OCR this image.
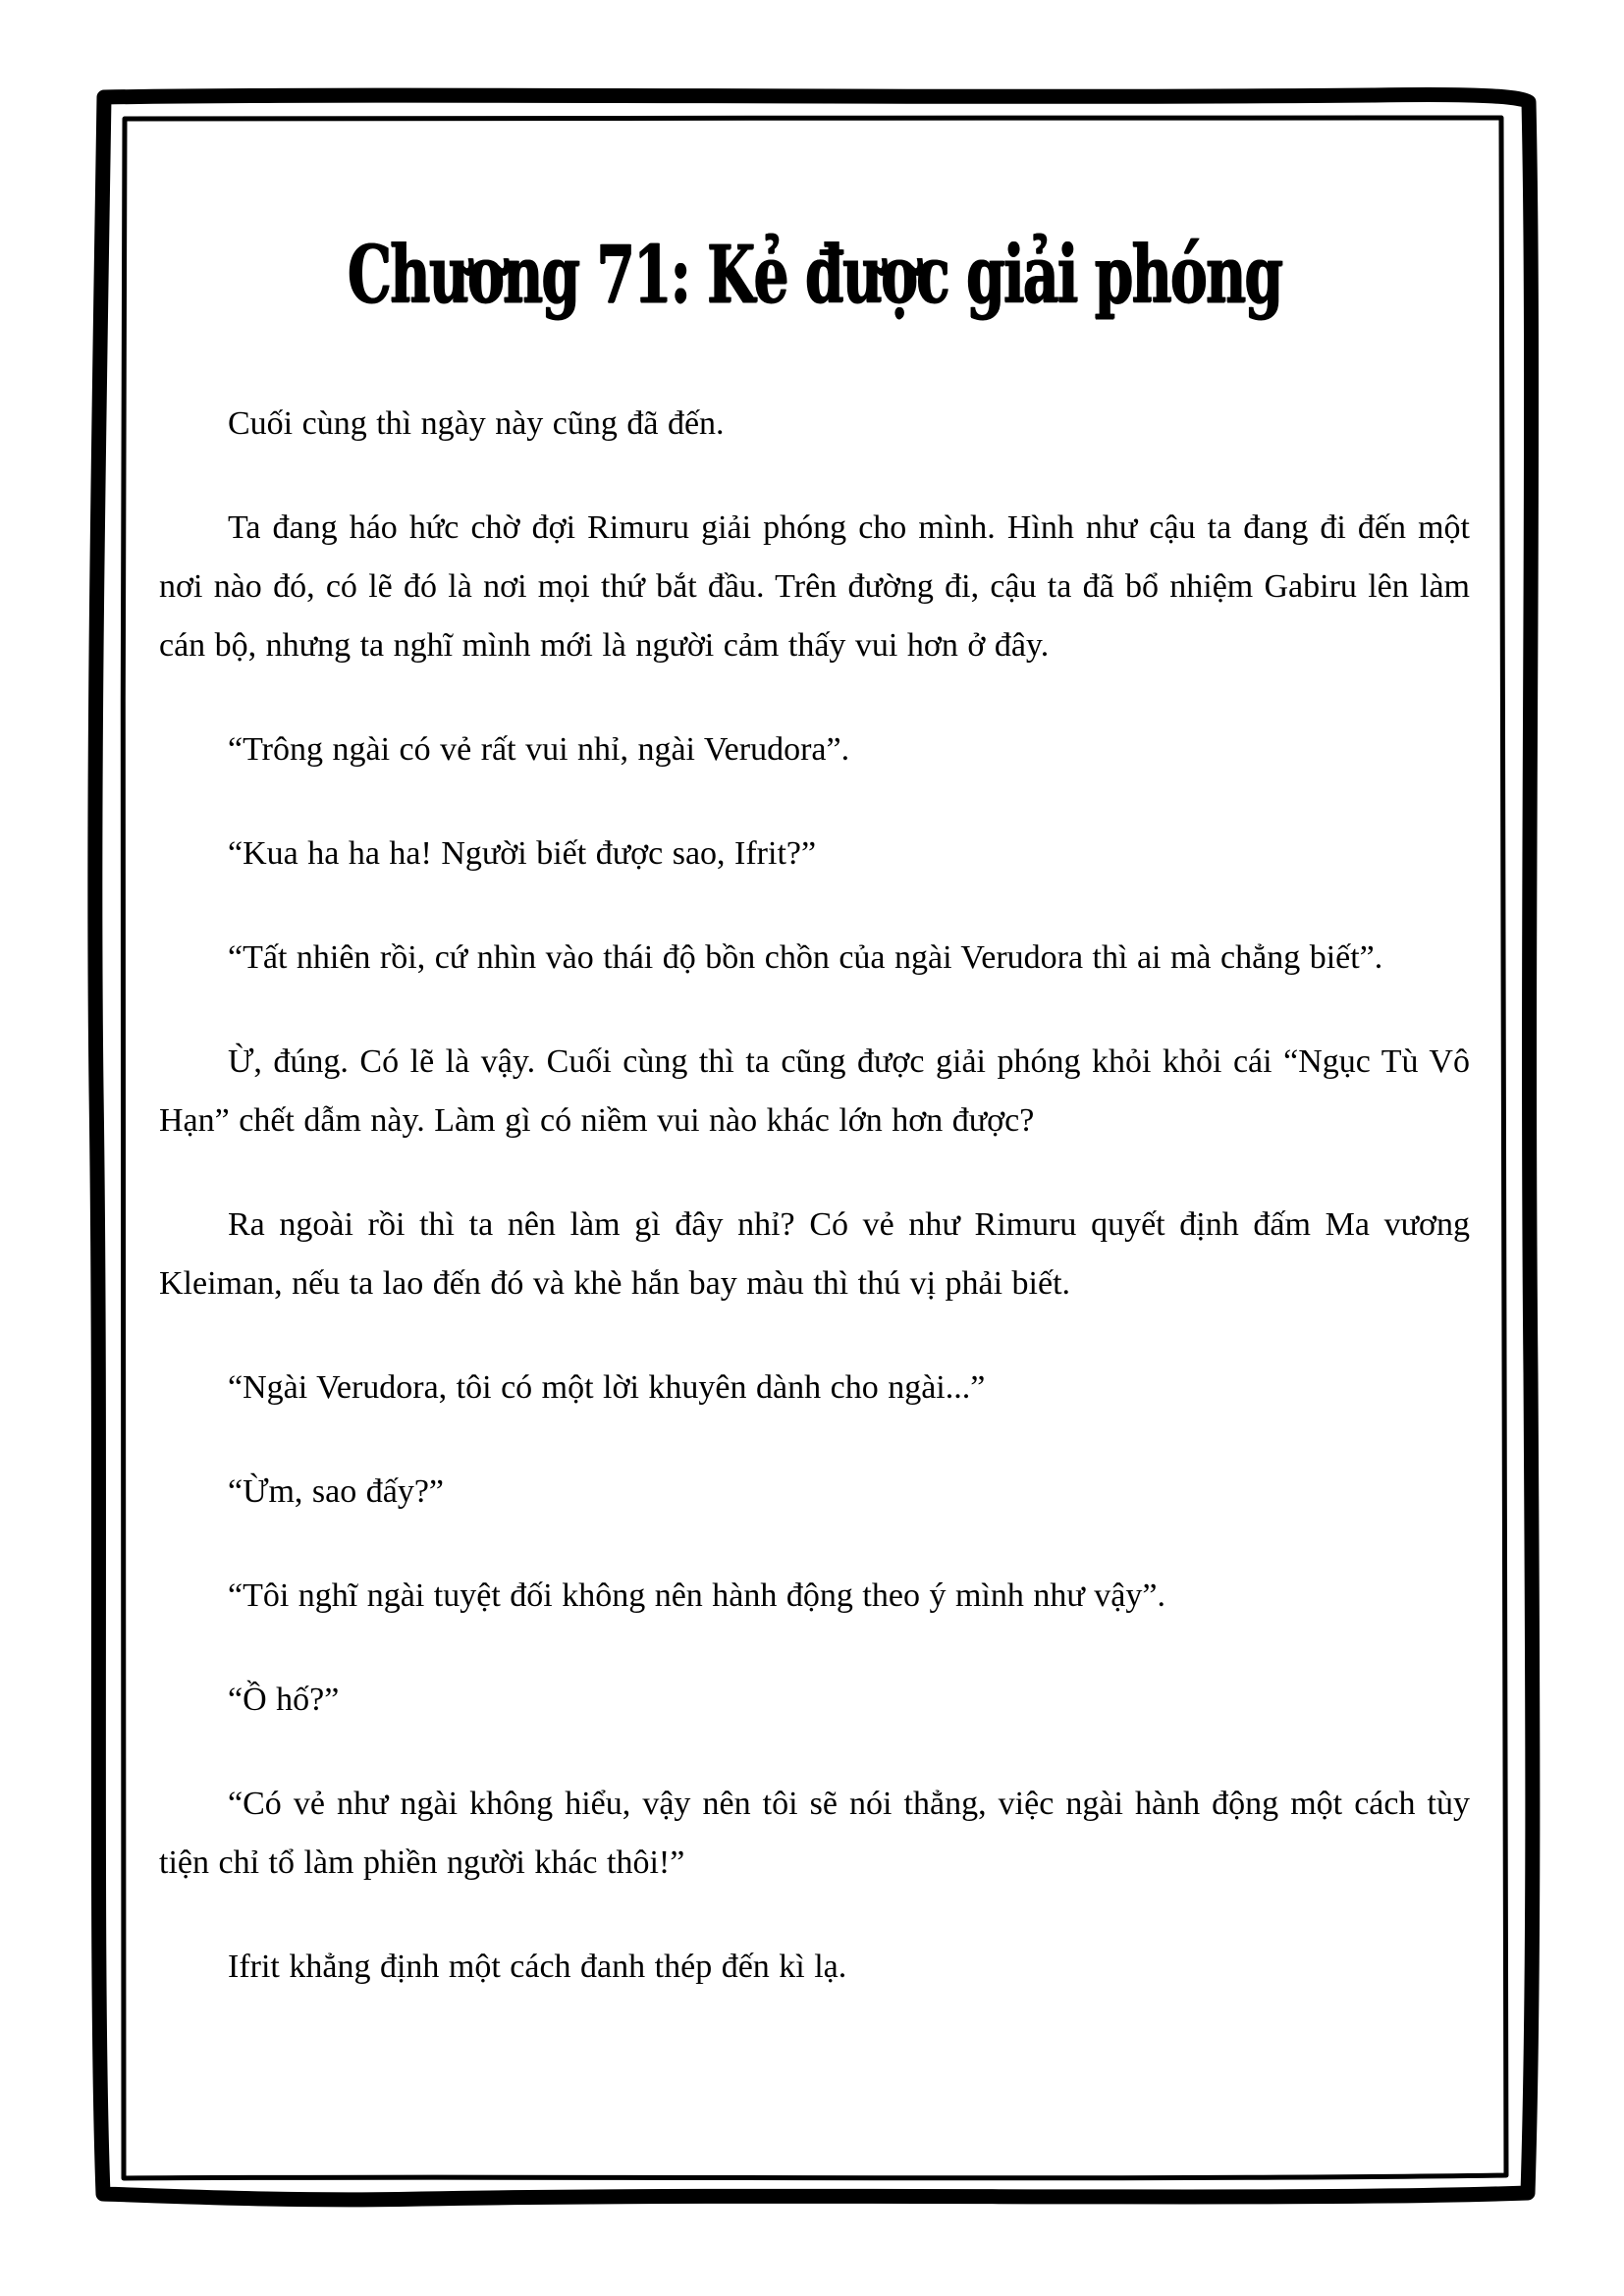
Chương 71: Kẻ được giải phóng

Cuối cùng thì ngày này cũng đã đến.

Ta đang háo hức chờ đợi Rimuru giải phóng cho mình. Hình như cậu ta đang đi đến một nơi nào đó, có lẽ đó là nơi mọi thứ bắt đầu. Trên đường đi, cậu ta đã bổ nhiệm Gabiru lên làm cán bộ, nhưng ta nghĩ mình mới là người cảm thấy vui hơn ở đây.

“Trông ngài có vẻ rất vui nhỉ, ngài Verudora”.

“Kua ha ha ha! Người biết được sao, Ifrit?”

“Tất nhiên rồi, cứ nhìn vào thái độ bồn chồn của ngài Verudora thì ai mà chẳng biết”.

Ừ, đúng. Có lẽ là vậy. Cuối cùng thì ta cũng được giải phóng khỏi khỏi cái “Ngục Tù Vô Hạn” chết dẫm này. Làm gì có niềm vui nào khác lớn hơn được?

Ra ngoài rồi thì ta nên làm gì đây nhỉ? Có vẻ như Rimuru quyết định đấm Ma vương Kleiman, nếu ta lao đến đó và khè hắn bay màu thì thú vị phải biết.

“Ngài Verudora, tôi có một lời khuyên dành cho ngài...”

“Ừm, sao đấy?”

“Tôi nghĩ ngài tuyệt đối không nên hành động theo ý mình như vậy”.

“Ồ hố?”

“Có vẻ như ngài không hiểu, vậy nên tôi sẽ nói thẳng, việc ngài hành động một cách tùy tiện chỉ tổ làm phiền người khác thôi!”

Ifrit khẳng định một cách đanh thép đến kì lạ.
